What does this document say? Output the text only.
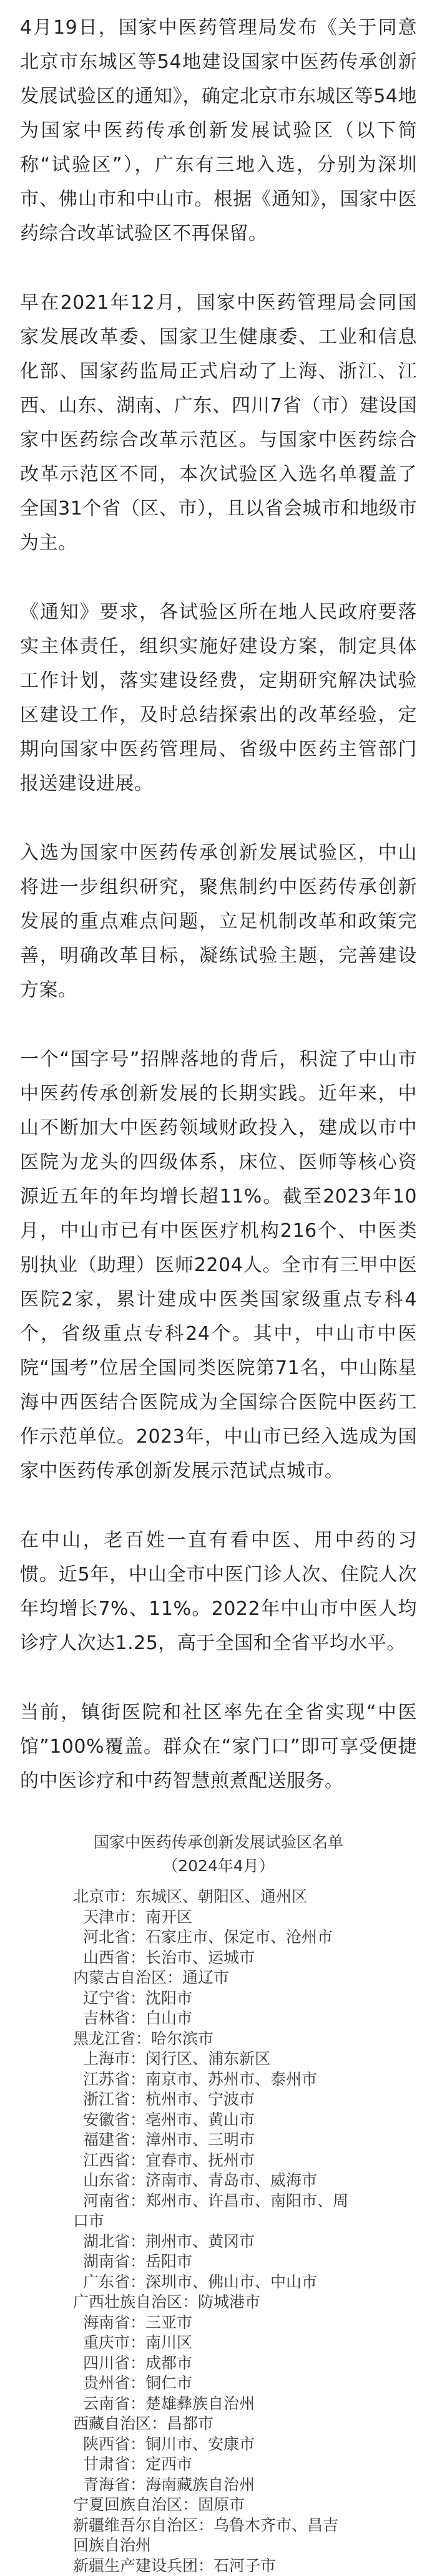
4月19日，国家中医药管理局发布《关于同意北京市东城区等54地建设国家中医药传承创新发展试验区的通知》，确定北京市东城区等54地为国家中医药传承创新发展试验区（以下简称“试验区”），广东有三地入选，分别为深圳市、佛山市和中山市。根据《通知》，国家中医药综合改革试验区不再保留。

早在2021年12月，国家中医药管理局会同国家发展改革委、国家卫生健康委、工业和信息化部、国家药监局正式启动了上海、浙江、江西、山东、湖南、广东、四川7省（市）建设国家中医药综合改革示范区。与国家中医药综合改革示范区不同，本次试验区入选名单覆盖了全国31个省（区、市），且以省会城市和地级市为主。

《通知》要求，各试验区所在地人民政府要落实主体责任，组织实施好建设方案，制定具体工作计划，落实建设经费，定期研究解决试验区建设工作，及时总结探索出的改革经验，定期向国家中医药管理局、省级中医药主管部门报送建设进展。

入选为国家中医药传承创新发展试验区，中山将进一步组织研究，聚焦制约中医药传承创新发展的重点难点问题，立足机制改革和政策完善，明确改革目标，凝练试验主题，完善建设方案。

一个“国字号”招牌落地的背后，积淀了中山市中医药传承创新发展的长期实践。近年来，中山不断加大中医药领域财政投入，建成以市中医院为龙头的四级体系，床位、医师等核心资源近五年的年均增长超11%。截至2023年10月，中山市已有中医医疗机构216个、中医类别执业（助理）医师2204人。全市有三甲中医医院2家，累计建成中医类国家级重点专科4个，省级重点专科24个。其中，中山市中医院“国考”位居全国同类医院第71名，中山陈星海中西医结合医院成为全国综合医院中医药工作示范单位。2023年，中山市已经入选成为国家中医药传承创新发展示范试点城市。

在中山，老百姓一直有看中医、用中药的习惯。近5年，中山全市中医门诊人次、住院人次年均增长7%、11%。2022年中山市中医人均诊疗人次达1.25，高于全国和全省平均水平。

当前，镇街医院和社区率先在全省实现“中医馆”100%覆盖。群众在“家门口”即可享受便捷的中医诊疗和中药智慧煎煮配送服务。

国家中医药传承创新发展试验区名单
（2024年4月）
北京市：东城区、朝阳区、通州区
天津市：南开区
河北省：石家庄市、保定市、沧州市
山西省：长治市、运城市
内蒙古自治区：通辽市
辽宁省：沈阳市
吉林省：白山市
黑龙江省：哈尔滨市
上海市：闵行区、浦东新区
江苏省：南京市、苏州市、泰州市
浙江省：杭州市、宁波市
安徽省：亳州市、黄山市
福建省：漳州市、三明市
江西省：宜春市、抚州市
山东省：济南市、青岛市、威海市
河南省：郑州市、许昌市、南阳市、周
口市
湖北省：荆州市、黄冈市
湖南省：岳阳市
广东省：深圳市、佛山市、中山市
广西壮族自治区：防城港市
海南省：三亚市
重庆市：南川区
四川省：成都市
贵州省：铜仁市
云南省：楚雄彝族自治州
西藏自治区：昌都市
陕西省：铜川市、安康市
甘肃省：定西市
青海省：海南藏族自治州
宁夏回族自治区：固原市
新疆维吾尔自治区：乌鲁木齐市、昌吉
回族自治州
新疆生产建设兵团：石河子市
